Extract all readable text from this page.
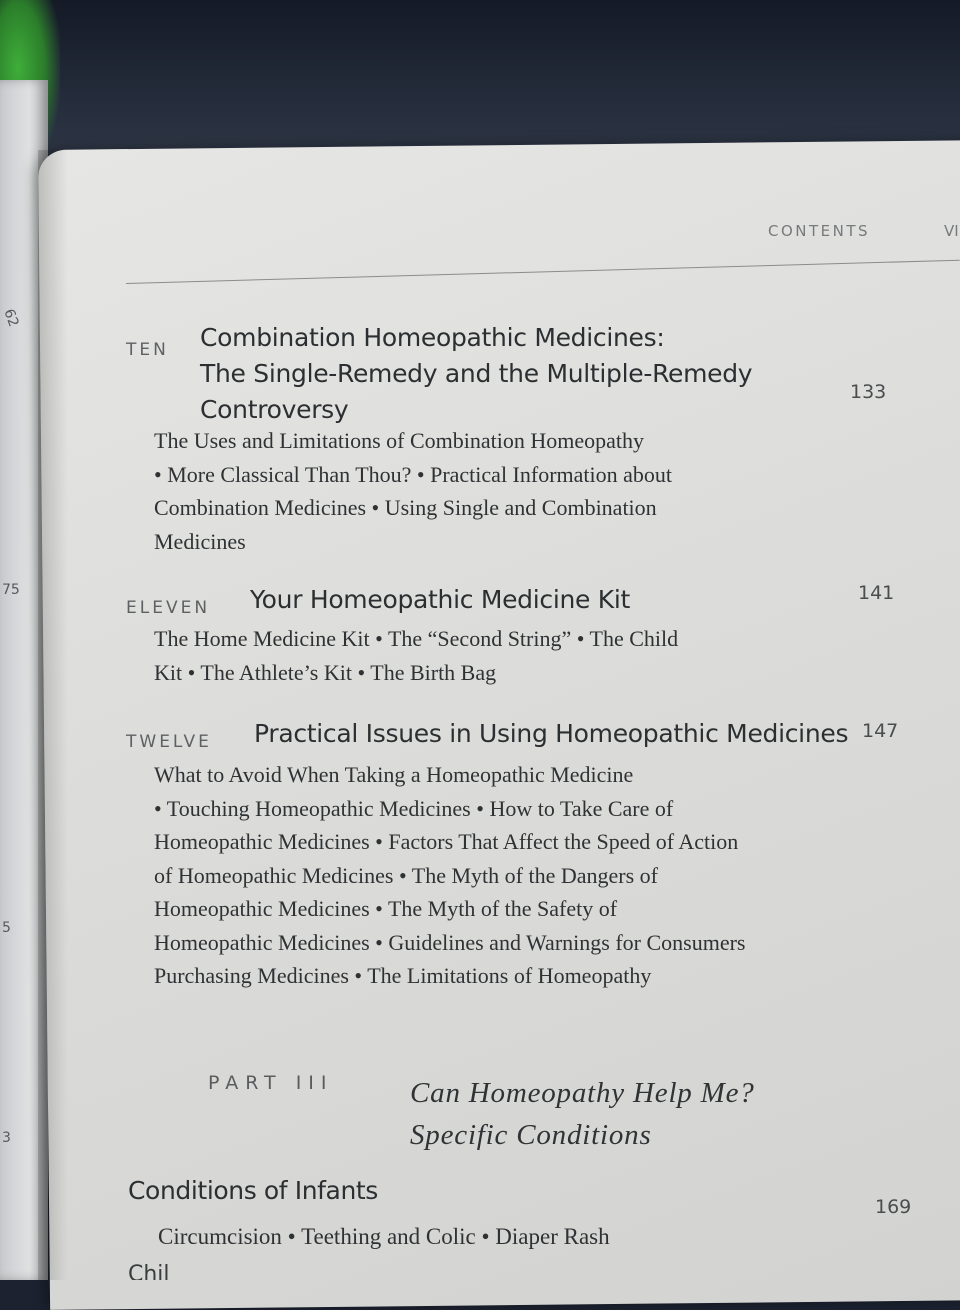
62
75
5
3
CONTENTS	VI
TEN Combination Homeopathic Medicines:
The Single-Remedy and the Multiple-Remedy
Controversy
133
The Uses and Limitations of Combination Homeopathy
• More Classical Than Thou? • Practical Information about
Combination Medicines • Using Single and Combination
Medicines
ELEVEN Your Homeopathic Medicine Kit	141
The Home Medicine Kit • The “Second String” • The Child
Kit • The Athlete’s Kit • The Birth Bag
TWELVE Practical Issues in Using Homeopathic Medicines 147
What to Avoid When Taking a Homeopathic Medicine
• Touching Homeopathic Medicines • How to Take Care of
Homeopathic Medicines • Factors That Affect the Speed of Action
of Homeopathic Medicines • The Myth of the Dangers of
Homeopathic Medicines • The Myth of the Safety of
Homeopathic Medicines • Guidelines and Warnings for Consumers
Purchasing Medicines • The Limitations of Homeopathy
PART III	Can Homeopathy Help Me?
Specific Conditions
Conditions of Infants
169
Circumcision • Teething and Colic • Diaper Rash
Chil
